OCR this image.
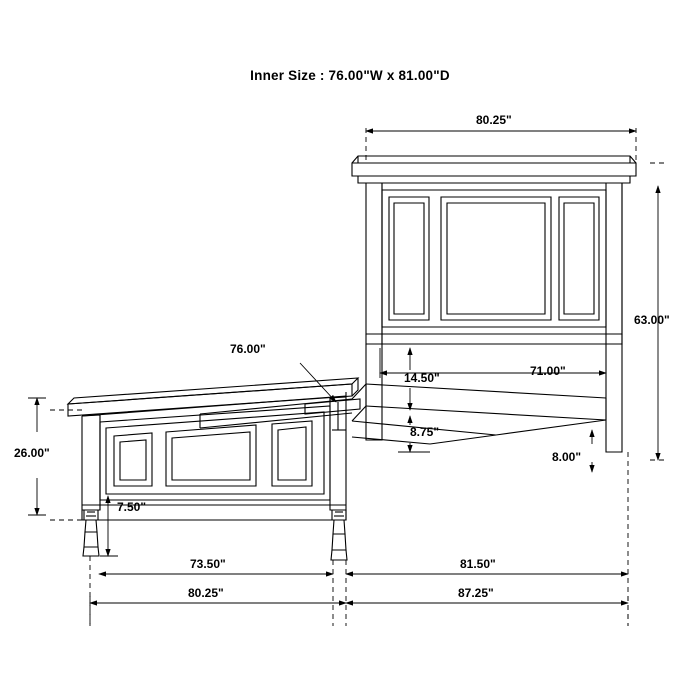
Inner Size : 76.00"W x 81.00"D
80.25"
63.00"
71.00"
14.50"
8.75"
8.00"
26.00"
7.50"
76.00"
73.50"	81.50"
80.25"	87.25"
